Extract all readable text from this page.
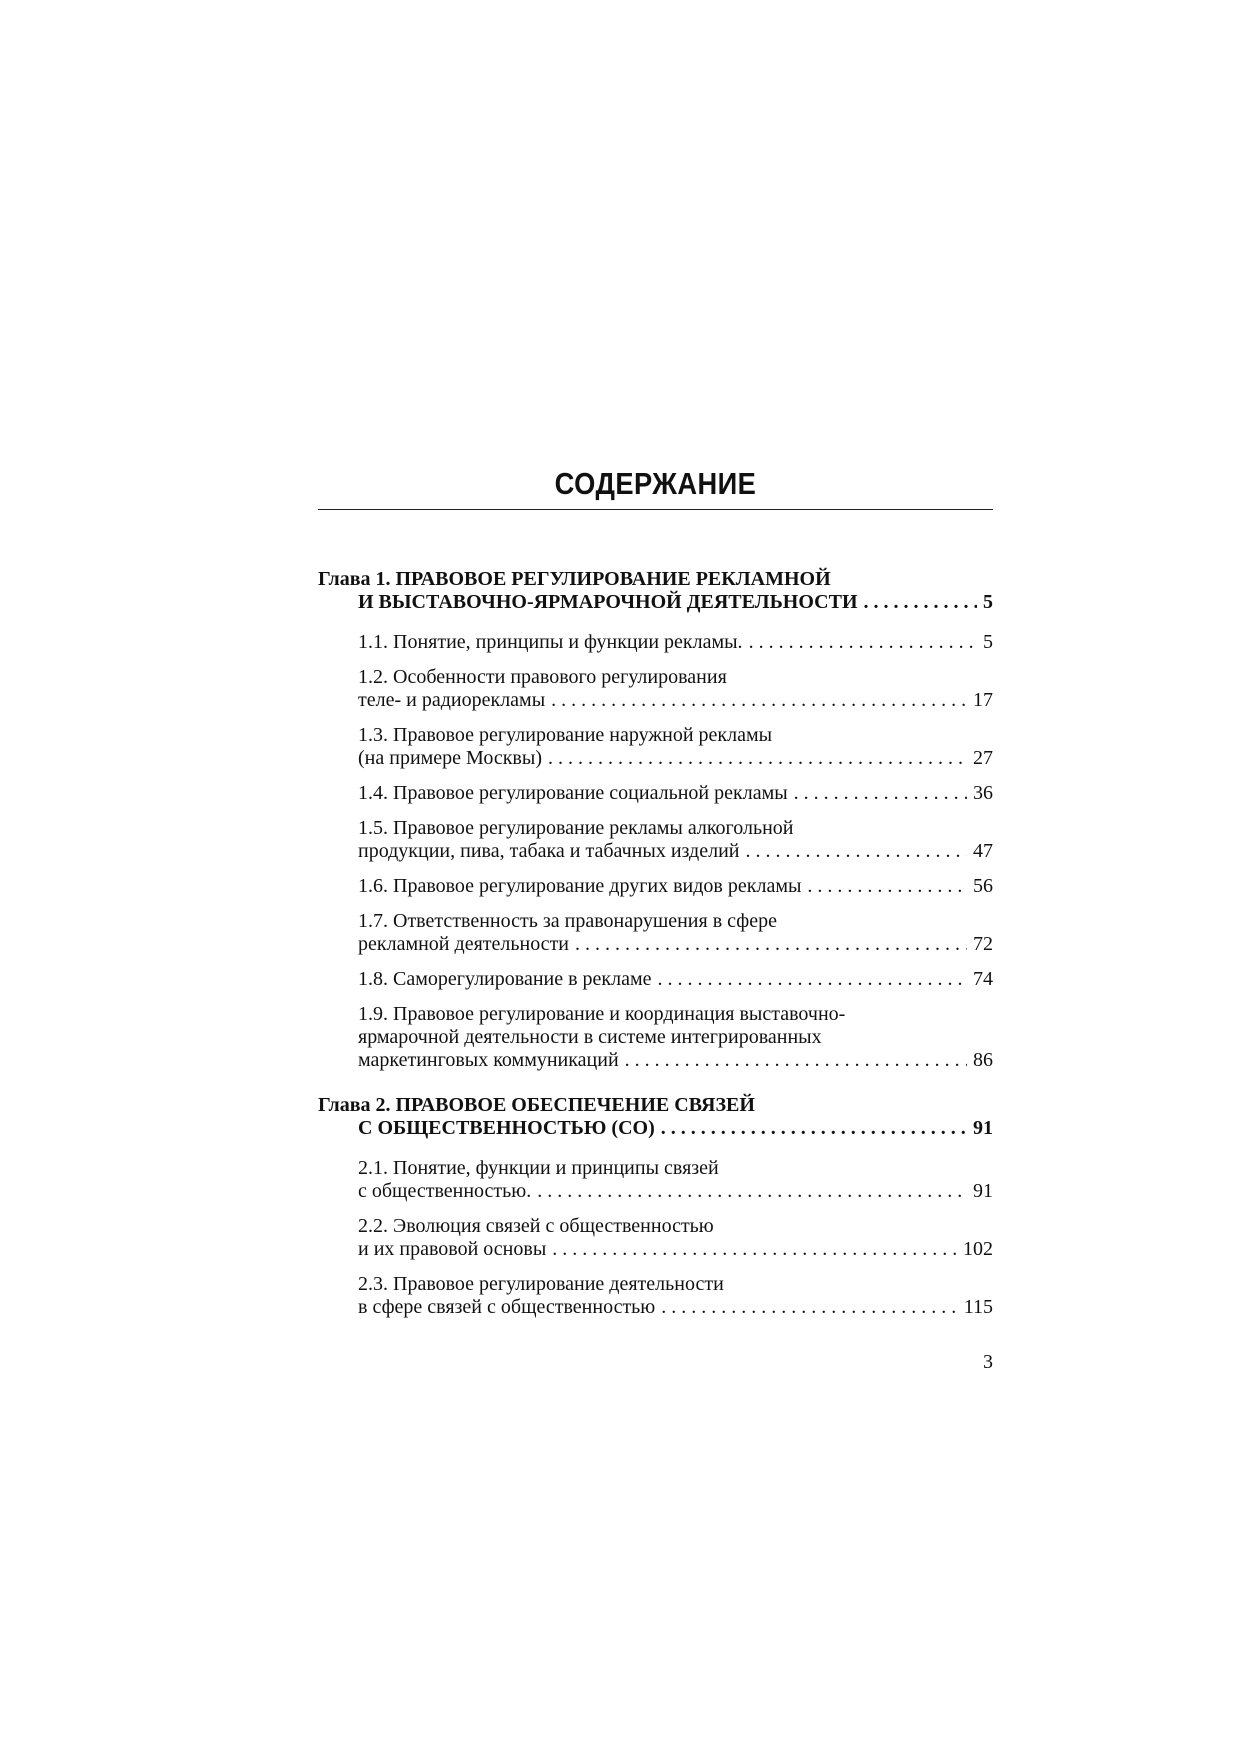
СОДЕРЖАНИЕ
Глава 1. ПРАВОВОЕ РЕГУЛИРОВАНИЕ РЕКЛАМНОЙ
И ВЫСТАВОЧНО-ЯРМАРОЧНОЙ ДЕЯТЕЛЬНОСТИ . . .	5
1.1. Понятие, принципы и функции рекламы. . . .	5
1.2. Особенности правового регулирования
теле- и радиорекламы . . .	17
1.3. Правовое регулирование наружной рекламы
(на примере Москвы) . . .	27
1.4. Правовое регулирование социальной рекламы . . .	36
1.5. Правовое регулирование рекламы алкогольной
продукции, пива, табака и табачных изделий . . .	47
1.6. Правовое регулирование других видов рекламы . . .	56
1.7. Ответственность за правонарушения в сфере
рекламной деятельности . . .	72
1.8. Саморегулирование в рекламе . . .	74
1.9. Правовое регулирование и координация выставочно-
ярмарочной деятельности в системе интегрированных
маркетинговых коммуникаций . . .	86
Глава 2. ПРАВОВОЕ ОБЕСПЕЧЕНИЕ СВЯЗЕЙ
С ОБЩЕСТВЕННОСТЬЮ (СО) . . .	91
2.1. Понятие, функции и принципы связей
с общественностью. . . .	91
2.2. Эволюция связей с общественностью
и их правовой основы . . .	102
2.3. Правовое регулирование деятельности
в сфере связей с общественностью . . .	115
3
